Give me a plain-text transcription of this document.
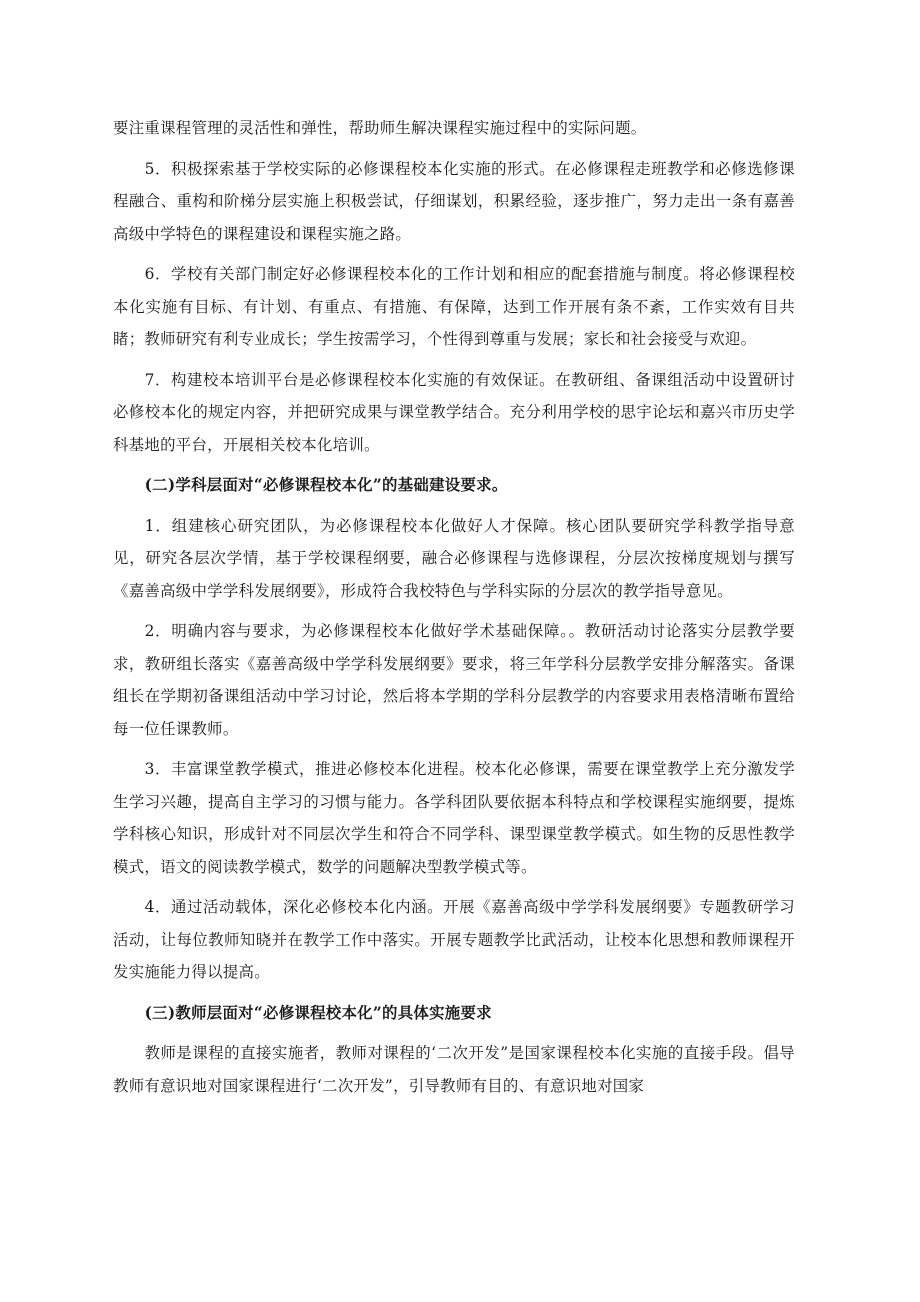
要注重课程管理的灵活性和弹性，帮助师生解决课程实施过程中的实际问题。

5．积极探索基于学校实际的必修课程校本化实施的形式。在必修课程走班教学和必修选修课程融合、重构和阶梯分层实施上积极尝试，仔细谋划，积累经验，逐步推广，努力走出一条有嘉善高级中学特色的课程建设和课程实施之路。

6．学校有关部门制定好必修课程校本化的工作计划和相应的配套措施与制度。将必修课程校本化实施有目标、有计划、有重点、有措施、有保障，达到工作开展有条不紊，工作实效有目共睹；教师研究有利专业成长；学生按需学习，个性得到尊重与发展；家长和社会接受与欢迎。

7．构建校本培训平台是必修课程校本化实施的有效保证。在教研组、备课组活动中设置研讨必修校本化的规定内容，并把研究成果与课堂教学结合。充分利用学校的思宇论坛和嘉兴市历史学科基地的平台，开展相关校本化培训。

(二)学科层面对“必修课程校本化”的基础建设要求。

1．组建核心研究团队，为必修课程校本化做好人才保障。核心团队要研究学科教学指导意见，研究各层次学情，基于学校课程纲要，融合必修课程与选修课程，分层次按梯度规划与撰写《嘉善高级中学学科发展纲要》，形成符合我校特色与学科实际的分层次的教学指导意见。

2．明确内容与要求，为必修课程校本化做好学术基础保障。。教研活动讨论落实分层教学要求，教研组长落实《嘉善高级中学学科发展纲要》要求，将三年学科分层教学安排分解落实。备课组长在学期初备课组活动中学习讨论，然后将本学期的学科分层教学的内容要求用表格清晰布置给每一位任课教师。

3．丰富课堂教学模式，推进必修校本化进程。校本化必修课，需要在课堂教学上充分激发学生学习兴趣，提高自主学习的习惯与能力。各学科团队要依据本科特点和学校课程实施纲要，提炼学科核心知识，形成针对不同层次学生和符合不同学科、课型课堂教学模式。如生物的反思性教学模式，语文的阅读教学模式，数学的问题解决型教学模式等。

4．通过活动载体，深化必修校本化内涵。开展《嘉善高级中学学科发展纲要》专题教研学习活动，让每位教师知晓并在教学工作中落实。开展专题教学比武活动，让校本化思想和教师课程开发实施能力得以提高。

(三)教师层面对“必修课程校本化”的具体实施要求

教师是课程的直接实施者，教师对课程的‘二次开发”是国家课程校本化实施的直接手段。倡导教师有意识地对国家课程进行‘二次开发”，引导教师有目的、有意识地对国家
